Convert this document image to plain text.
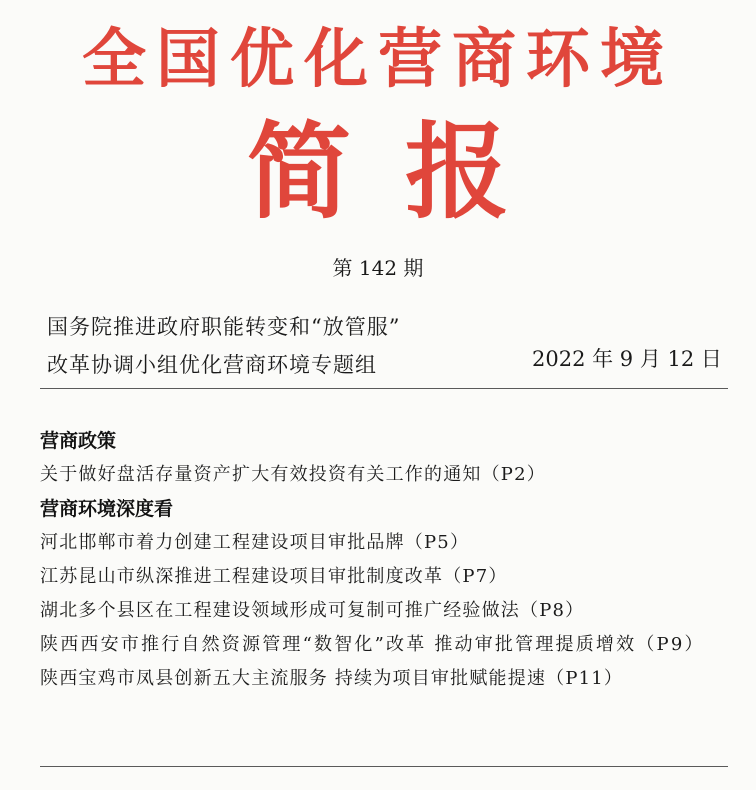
全国优化营商环境
简报
第 142 期
国务院推进政府职能转变和“放管服”
改革协调小组优化营商环境专题组	2022 年 9 月 12 日
营商政策
关于做好盘活存量资产扩大有效投资有关工作的通知（P2）
营商环境深度看
河北邯郸市着力创建工程建设项目审批品牌（P5）
江苏昆山市纵深推进工程建设项目审批制度改革（P7）
湖北多个县区在工程建设领域形成可复制可推广经验做法（P8）
陕西西安市推行自然资源管理“数智化”改革 推动审批管理提质增效（P9）
陕西宝鸡市凤县创新五大主流服务 持续为项目审批赋能提速（P11）
